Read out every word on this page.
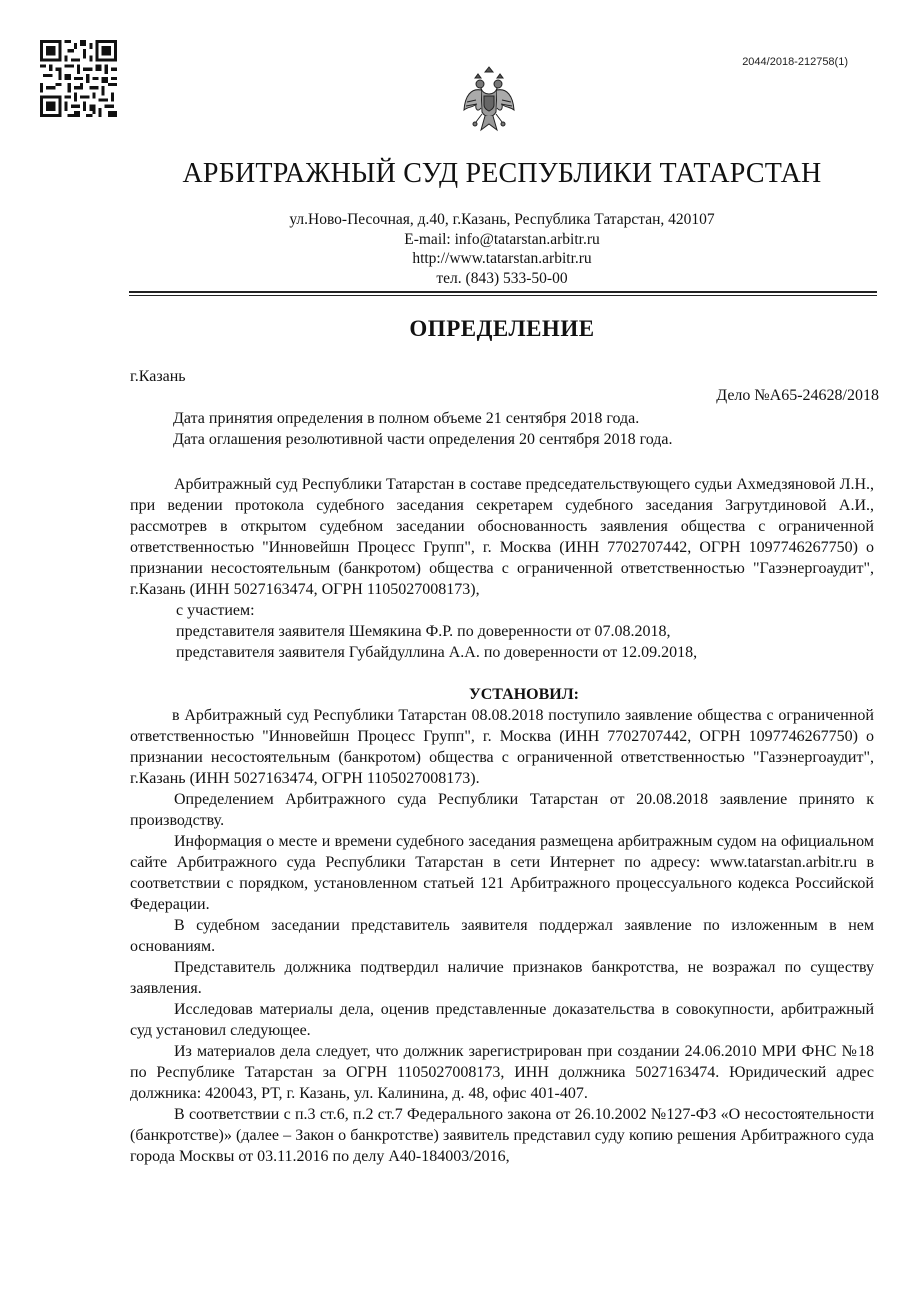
2044/2018-212758(1)
АРБИТРАЖНЫЙ СУД РЕСПУБЛИКИ ТАТАРСТАН
ул.Ново-Песочная, д.40, г.Казань, Республика Татарстан, 420107
E-mail: info@tatarstan.arbitr.ru
http://www.tatarstan.arbitr.ru
тел. (843) 533-50-00
ОПРЕДЕЛЕНИЕ
г.Казань
Дело №А65-24628/2018
Дата принятия определения в полном объеме 21 сентября 2018 года.
Дата оглашения резолютивной части определения 20 сентября 2018 года.

Арбитражный суд Республики Татарстан в составе председательствующего судьи Ахмедзяновой Л.Н., при ведении протокола судебного заседания секретарем судебного заседания Загрутдиновой А.И., рассмотрев в открытом судебном заседании обоснованность заявления общества с ограниченной ответственностью "Инновейшн Процесс Групп", г. Москва (ИНН 7702707442, ОГРН 1097746267750) о признании несостоятельным (банкротом) общества с ограниченной ответственностью "Газэнергоаудит", г.Казань (ИНН 5027163474, ОГРН 1105027008173),

с участием:

представителя заявителя Шемякина Ф.Р. по доверенности от 07.08.2018,

представителя заявителя Губайдуллина А.А. по доверенности от 12.09.2018,

УСТАНОВИЛ:

в Арбитражный суд Республики Татарстан 08.08.2018 поступило заявление общества с ограниченной ответственностью "Инновейшн Процесс Групп", г. Москва (ИНН 7702707442, ОГРН 1097746267750) о признании несостоятельным (банкротом) общества с ограниченной ответственностью "Газэнергоаудит", г.Казань (ИНН 5027163474, ОГРН 1105027008173).

Определением Арбитражного суда Республики Татарстан от 20.08.2018 заявление принято к производству.

Информация о месте и времени судебного заседания размещена арбитражным судом на официальном сайте Арбитражного суда Республики Татарстан в сети Интернет по адресу: www.tatarstan.arbitr.ru в соответствии с порядком, установленном статьей 121 Арбитражного процессуального кодекса Российской Федерации.

В судебном заседании представитель заявителя поддержал заявление по изложенным в нем основаниям.

Представитель должника подтвердил наличие признаков банкротства, не возражал по существу заявления.

Исследовав материалы дела, оценив представленные доказательства в совокупности, арбитражный суд установил следующее.

Из материалов дела следует, что должник зарегистрирован при создании 24.06.2010 МРИ ФНС №18 по Республике Татарстан за ОГРН 1105027008173, ИНН должника 5027163474. Юридический адрес должника: 420043, РТ, г. Казань, ул. Калинина, д. 48, офис 401-407.

В соответствии с п.3 ст.6, п.2 ст.7 Федерального закона от 26.10.2002 №127-ФЗ «О несостоятельности (банкротстве)» (далее – Закон о банкротстве) заявитель представил суду копию решения Арбитражного суда города Москвы от 03.11.2016 по делу А40-184003/2016,
